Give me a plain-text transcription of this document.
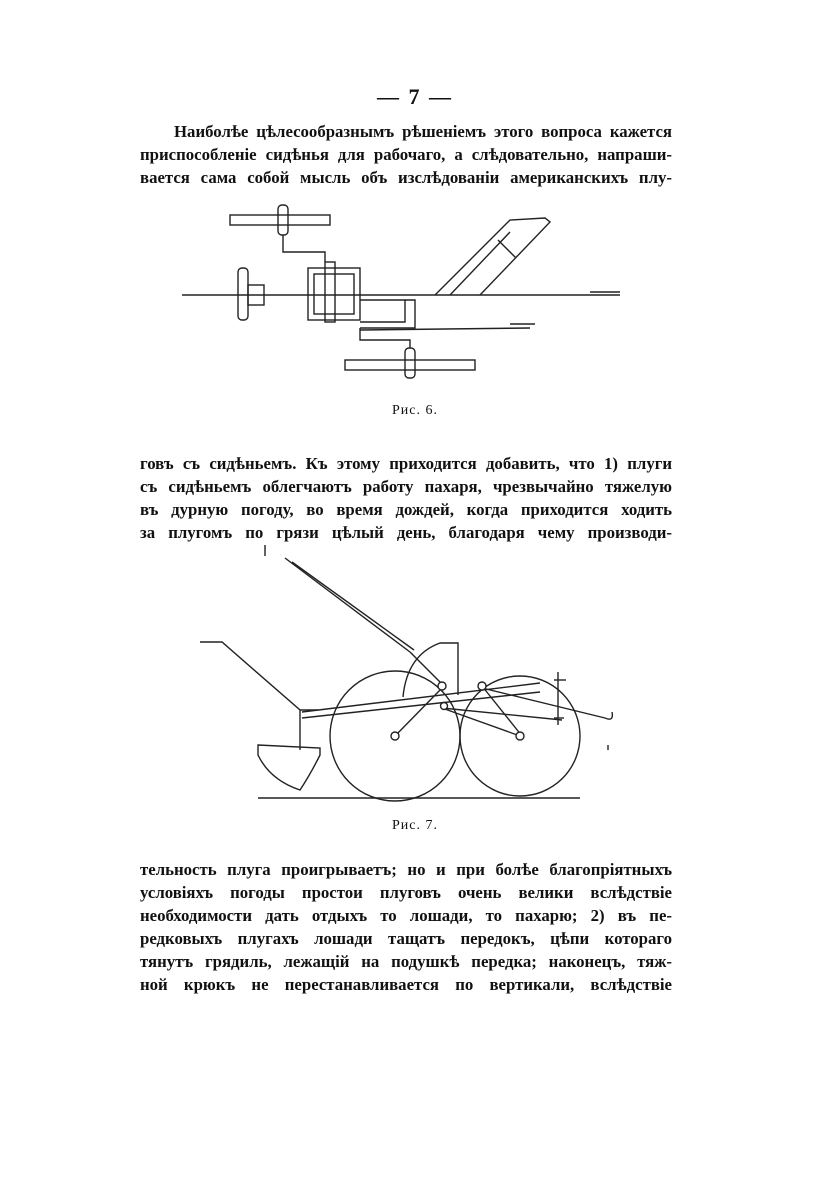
— 7 —
Наиболѣе цѣлесообразнымъ рѣшеніемъ этого вопроса кажется
приспособленіе сидѣнья для рабочаго, а слѣдовательно, напраши-
вается сама собой мысль объ изслѣдованіи американскихъ плу-
Рис. 6.
говъ съ сидѣньемъ. Къ этому приходится добавить, что 1) плуги
съ сидѣньемъ облегчаютъ работу пахаря, чрезвычайно тяжелую
въ дурную погоду, во время дождей, когда приходится ходить
за плугомъ по грязи цѣлый день, благодаря чему производи-
Рис. 7.
тельность плуга проигрываетъ; но и при болѣе благопріятныхъ
условіяхъ погоды простои плуговъ очень велики вслѣдствіе
необходимости дать отдыхъ то лошади, то пахарю; 2) въ пе-
редковыхъ плугахъ лошади тащатъ передокъ, цѣпи котораго
тянутъ грядиль, лежащій на подушкѣ передка; наконецъ, тяж-
ной крюкъ не перестанавливается по вертикали, вслѣдствіе
